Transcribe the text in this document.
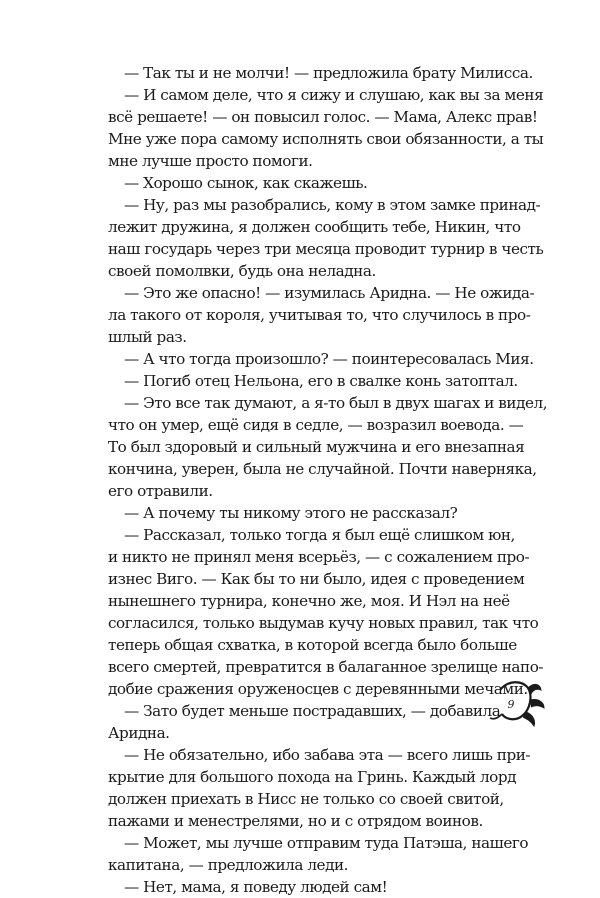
— Так ты и не молчи! — предложила брату Милисса.
— И самом деле, что я сижу и слушаю, как вы за меня
всё решаете! — он повысил голос. — Мама, Алекс прав!
Мне уже пора самому исполнять свои обязанности, а ты
мне лучше просто помоги.
— Хорошо сынок, как скажешь.
— Ну, раз мы разобрались, кому в этом замке принад-
лежит дружина, я должен сообщить тебе, Никин, что
наш государь через три месяца проводит турнир в честь
своей помолвки, будь она неладна.
— Это же опасно! — изумилась Аридна. — Не ожида-
ла такого от короля, учитывая то, что случилось в про-
шлый раз.
— А что тогда произошло? — поинтересовалась Мия.
— Погиб отец Нельона, его в свалке конь затоптал.
— Это все так думают, а я-то был в двух шагах и видел,
что он умер, ещё сидя в седле, — возразил воевода. —
То был здоровый и сильный мужчина и его внезапная
кончина, уверен, была не случайной. Почти наверняка,
его отравили.
— А почему ты никому этого не рассказал?
— Рассказал, только тогда я был ещё слишком юн,
и никто не принял меня всерьёз, — с сожалением про-
изнес Виго. — Как бы то ни было, идея с проведением
нынешнего турнира, конечно же, моя. И Нэл на неё
согласился, только выдумав кучу новых правил, так что
теперь общая схватка, в которой всегда было больше
всего смертей, превратится в балаганное зрелище напо-
добие сражения оруженосцев с деревянными мечами.
— Зато будет меньше пострадавших, — добавила
Аридна.
— Не обязательно, ибо забава эта — всего лишь при-
крытие для большого похода на Гринь. Каждый лорд
должен приехать в Нисс не только со своей свитой,
пажами и менестрелями, но и с отрядом воинов.
— Может, мы лучше отправим туда Патэша, нашего
капитана, — предложила леди.
— Нет, мама, я поведу людей сам!
9
